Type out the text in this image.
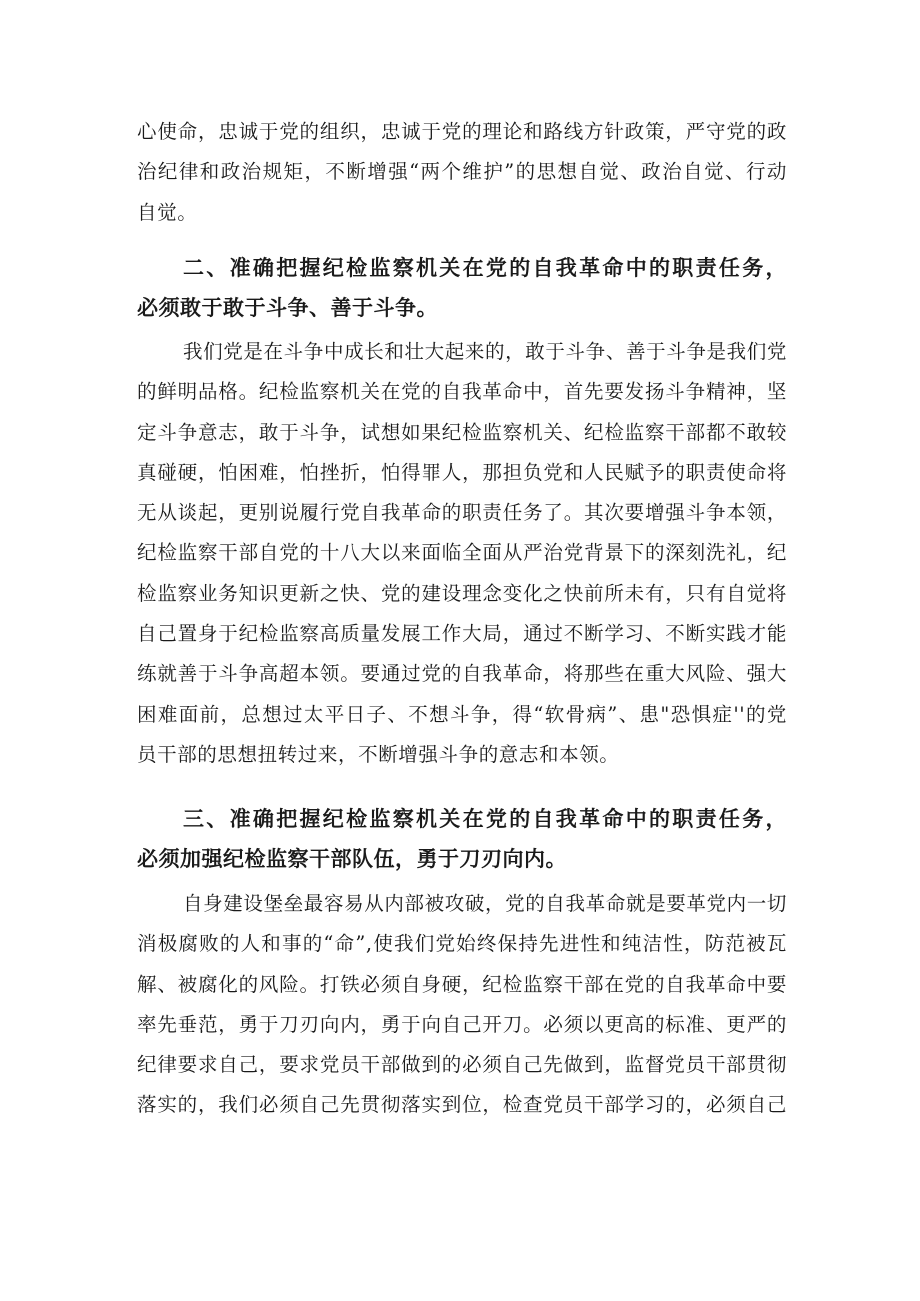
心使命，忠诚于党的组织，忠诚于党的理论和路线方针政策，严守党的政
治纪律和政治规矩，不断增强“两个维护”的思想自觉、政治自觉、行动
自觉。

二、准确把握纪检监察机关在党的自我革命中的职责任务，
必须敢于敢于斗争、善于斗争。

我们党是在斗争中成长和壮大起来的，敢于斗争、善于斗争是我们党
的鲜明品格。纪检监察机关在党的自我革命中，首先要发扬斗争精神，坚
定斗争意志，敢于斗争，试想如果纪检监察机关、纪检监察干部都不敢较
真碰硬，怕困难，怕挫折，怕得罪人，那担负党和人民赋予的职责使命将
无从谈起，更别说履行党自我革命的职责任务了。其次要增强斗争本领，
纪检监察干部自党的十八大以来面临全面从严治党背景下的深刻洗礼，纪
检监察业务知识更新之快、党的建设理念变化之快前所未有，只有自觉将
自己置身于纪检监察高质量发展工作大局，通过不断学习、不断实践才能
练就善于斗争高超本领。要通过党的自我革命，将那些在重大风险、强大
困难面前，总想过太平日子、不想斗争，得“软骨病”、患"恐惧症''的党
员干部的思想扭转过来，不断增强斗争的意志和本领。

三、准确把握纪检监察机关在党的自我革命中的职责任务，
必须加强纪检监察干部队伍，勇于刀刃向内。

自身建设堡垒最容易从内部被攻破，党的自我革命就是要革党内一切
消极腐败的人和事的“命”,使我们党始终保持先进性和纯洁性，防范被瓦
解、被腐化的风险。打铁必须自身硬，纪检监察干部在党的自我革命中要
率先垂范，勇于刀刃向内，勇于向自己开刀。必须以更高的标准、更严的
纪律要求自己，要求党员干部做到的必须自己先做到，监督党员干部贯彻
落实的，我们必须自己先贯彻落实到位，检查党员干部学习的，必须自己
